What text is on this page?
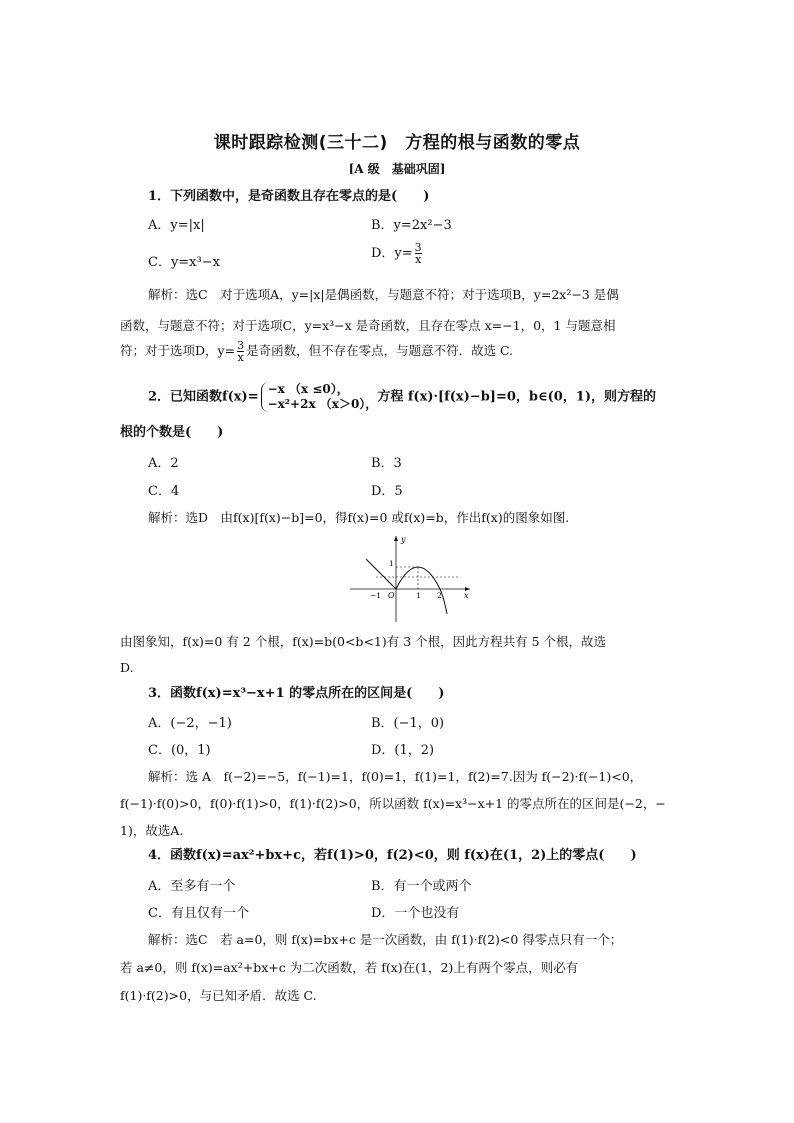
课时跟踪检测(三十二)　方程的根与函数的零点
[A 级　基础巩固]
1．下列函数中，是奇函数且存在零点的是(　　)
A．y=|x|	B．y=2x²−3
C．y=x³−x
D．$y= \frac{3}{x}$
解析：选C　对于选项A，y=|x|是偶函数，与题意不符；对于选项B，y=2x²−3 是偶
函数，与题意不符；对于选项C，y=x³−x 是奇函数，且存在零点 x=−1，0，1 与题意相
符；对于选项D，$y= \frac{3}{x}$ 是奇函数，但不存在零点，与题意不符．故选 C.
2．已知函数f(x)=
−x （x ≤0），
−x²+2x （x＞0）， 方程 f(x)·[f(x)−b]=0，b∈(0，1)，则方程的
根的个数是(　　)
A．2	B．3
C．4	D．5
解析：选D　由f(x)[f(x)−b]=0，得f(x)=0 或f(x)=b，作出f(x)的图象如图.
y
x
O
−1	1 2
1
由图象知，f(x)=0 有 2 个根，f(x)=b(0<b<1)有 3 个根，因此方程共有 5 个根，故选
D.
3．函数f(x)=x³−x+1 的零点所在的区间是(　　)
A．(−2，−1)	B．(−1，0)
C．(0，1)	D．(1，2)
解析：选 A　f(−2)=−5，f(−1)=1，f(0)=1，f(1)=1，f(2)=7.因为 f(−2)·f(−1)<0，
f(−1)·f(0)>0，f(0)·f(1)>0，f(1)·f(2)>0，所以函数 f(x)=x³−x+1 的零点所在的区间是(−2，−
1)，故选A.
4．函数f(x)=ax²+bx+c，若f(1)>0，f(2)<0，则 f(x)在(1，2)上的零点(　　)
A．至多有一个	B．有一个或两个
C．有且仅有一个	D．一个也没有
解析：选C　若 a=0，则 f(x)=bx+c 是一次函数，由 f(1)·f(2)<0 得零点只有一个；
若 a≠0，则 f(x)=ax²+bx+c 为二次函数，若 f(x)在(1，2)上有两个零点，则必有
f(1)·f(2)>0，与已知矛盾．故选 C.
